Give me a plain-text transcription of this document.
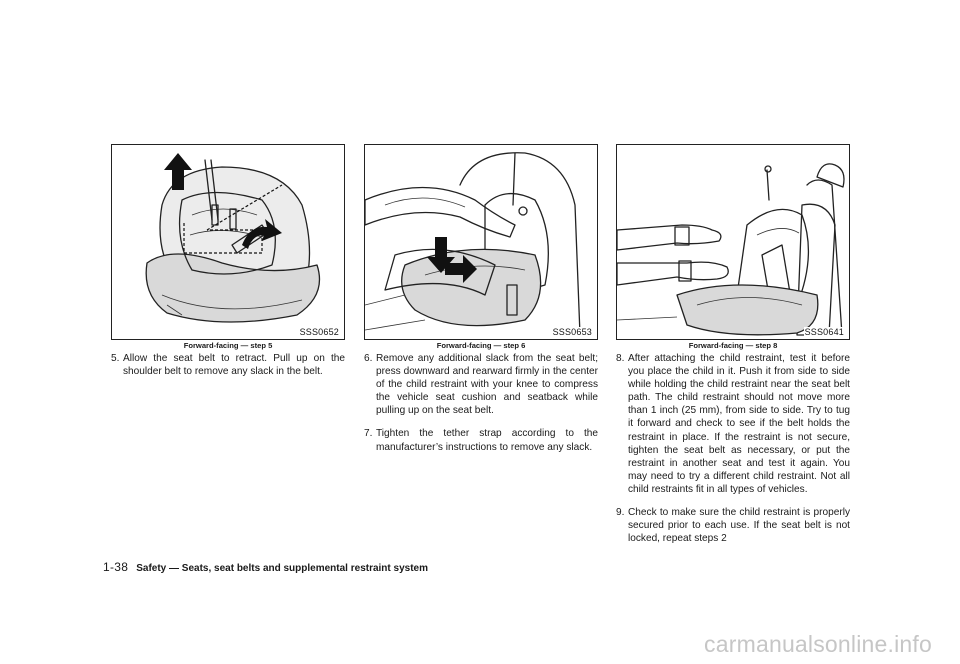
SSS0652
Forward-facing — step 5
5. Allow the seat belt to retract. Pull up on the shoulder belt to remove any slack in the belt.
SSS0653
Forward-facing — step 6
6. Remove any additional slack from the seat belt; press downward and rearward firmly in the center of the child restraint with your knee to compress the vehicle seat cushion and seatback while pulling up on the seat belt.
7. Tighten the tether strap according to the manufacturer’s instructions to remove any slack.
SSS0641
Forward-facing — step 8
8. After attaching the child restraint, test it before you place the child in it. Push it from side to side while holding the child restraint near the seat belt path. The child restraint should not move more than 1 inch (25 mm), from side to side. Try to tug it forward and check to see if the belt holds the restraint in place. If the restraint is not secure, tighten the seat belt as necessary, or put the restraint in another seat and test it again. You may need to try a different child restraint. Not all child restraints fit in all types of vehicles.
9. Check to make sure the child restraint is properly secured prior to each use. If the seat belt is not locked, repeat steps 2
1-38 Safety — Seats, seat belts and supplemental restraint system
carmanualsonline.info
